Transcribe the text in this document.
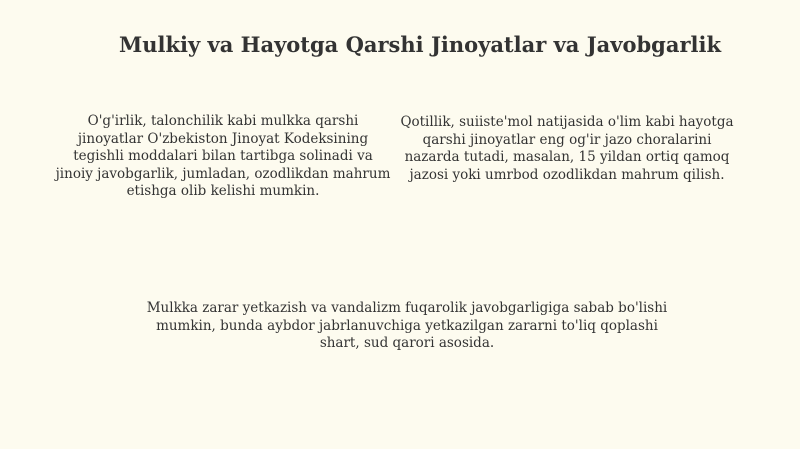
Mulkiy va Hayotga Qarshi Jinoyatlar va Javobgarlik

O'g'irlik, talonchilik kabi mulkka qarshi jinoyatlar O'zbekiston Jinoyat Kodeksining tegishli moddalari bilan tartibga solinadi va jinoiy javobgarlik, jumladan, ozodlikdan mahrum etishga olib kelishi mumkin.

Qotillik, suiiste'mol natijasida o'lim kabi hayotga qarshi jinoyatlar eng og'ir jazo choralarini nazarda tutadi, masalan, 15 yildan ortiq qamoq jazosi yoki umrbod ozodlikdan mahrum qilish.

Mulkka zarar yetkazish va vandalizm fuqarolik javobgarligiga sabab bo'lishi mumkin, bunda aybdor jabrlanuvchiga yetkazilgan zararni to'liq qoplashi shart, sud qarori asosida.
